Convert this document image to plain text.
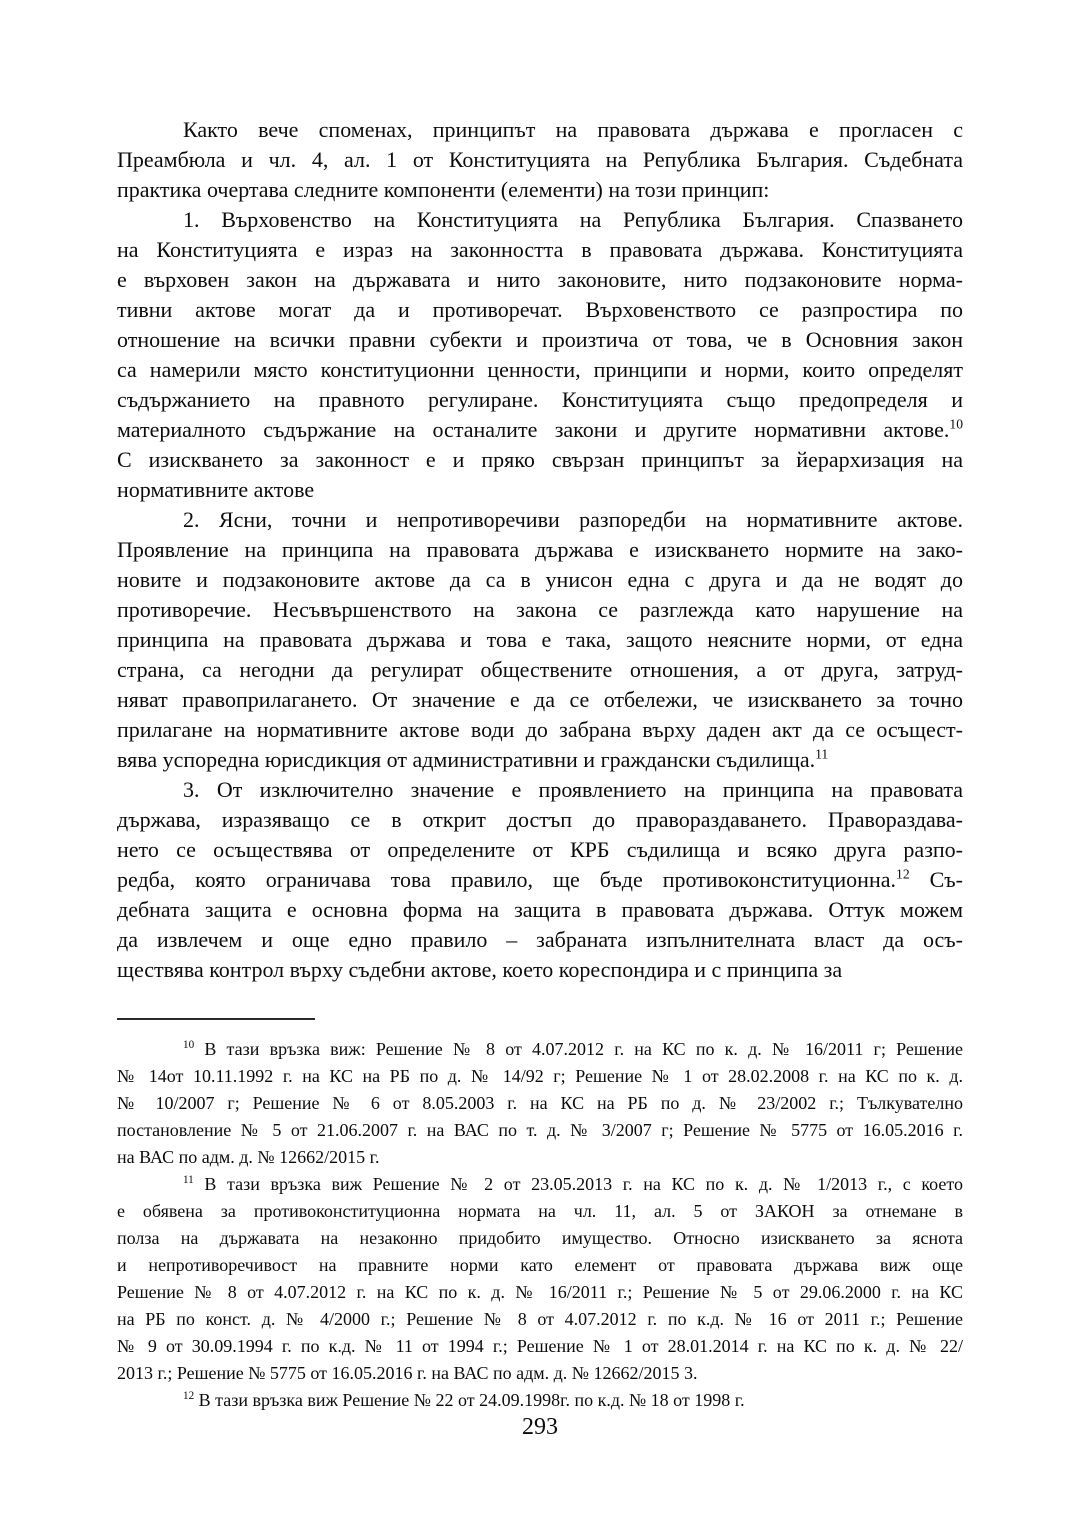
Както вече споменах, принципът на правовата държава е прогласен с
Преамбюла и чл. 4, ал. 1 от Конституцията на Република България. Съдебната
практика очертава следните компоненти (елементи) на този принцип:
1. Върховенство на Конституцията на Република България. Спазването
на Конституцията е израз на законността в правовата държава. Конституцията
е върховен закон на държавата и нито законовите, нито подзаконовите норма-
тивни актове могат да и противоречат. Върховенството се разпростира по
отношение на всички правни субекти и произтича от това, че в Основния закон
са намерили място конституционни ценности, принципи и норми, които определят
съдържанието на правното регулиране. Конституцията също предопределя и
материалното съдържание на останалите закони и другите нормативни актове.$^{10}$
С изискването за законност е и пряко свързан принципът за йерархизация на
нормативните актове
2. Ясни, точни и непротиворечиви разпоредби на нормативните актове.
Проявление на принципа на правовата държава е изискването нормите на зако-
новите и подзаконовите актове да са в унисон една с друга и да не водят до
противоречие. Несъвършенството на закона се разглежда като нарушение на
принципа на правовата държава и това е така, защото неясните норми, от една
страна, са негодни да регулират обществените отношения, а от друга, затруд-
няват правоприлагането. От значение е да се отбележи, че изискването за точно
прилагане на нормативните актове води до забрана върху даден акт да се осъщест-
вява успоредна юрисдикция от административни и граждански съдилища.$^{11}$
3. От изключително значение е проявлението на принципа на правовата
държава, изразяващо се в открит достъп до правораздаването. Правораздава-
нето се осъществява от определените от КРБ съдилища и всяко друга разпо-
редба, която ограничава това правило, ще бъде противоконституционна.$^{12}$ Съ-
дебната защита е основна форма на защита в правовата държава. Оттук можем
да извлечем и още едно правило – забраната изпълнителната власт да осъ-
ществява контрол върху съдебни актове, което кореспондира и с принципа за
$^{10}$ В тази връзка виж: Решение № 8 от 4.07.2012 г. на КС по к. д. № 16/2011 г; Решение
№ 14от 10.11.1992 г. на КС на РБ по д. № 14/92 г; Решение № 1 от 28.02.2008 г. на КС по к. д.
№ 10/2007 г; Решение № 6 от 8.05.2003 г. на КС на РБ по д. № 23/2002 г.; Тълкувателно
постановление № 5 от 21.06.2007 г. на ВАС по т. д. № 3/2007 г; Решение № 5775 от 16.05.2016 г.
на ВАС по адм. д. № 12662/2015 г.
$^{11}$ В тази връзка виж Решение № 2 от 23.05.2013 г. на КС по к. д. № 1/2013 г., с което
е обявена за противоконституционна нормата на чл. 11, ал. 5 от ЗАКОН за отнемане в
полза на държавата на незаконно придобито имущество. Относно изискването за яснота
и непротиворечивост на правните норми като елемент от правовата държава виж още
Решение № 8 от 4.07.2012 г. на КС по к. д. № 16/2011 г.; Решение № 5 от 29.06.2000 г. на КС
на РБ по конст. д. № 4/2000 г.; Решение № 8 от 4.07.2012 г. по к.д. № 16 от 2011 г.; Решение
№ 9 от 30.09.1994 г. по к.д. № 11 от 1994 г.; Решение № 1 от 28.01.2014 г. на КС по к. д. № 22/
2013 г.; Решение № 5775 от 16.05.2016 г. на ВАС по адм. д. № 12662/2015 3.
$^{12}$ В тази връзка виж Решение № 22 от 24.09.1998г. по к.д. № 18 от 1998 г.
293
